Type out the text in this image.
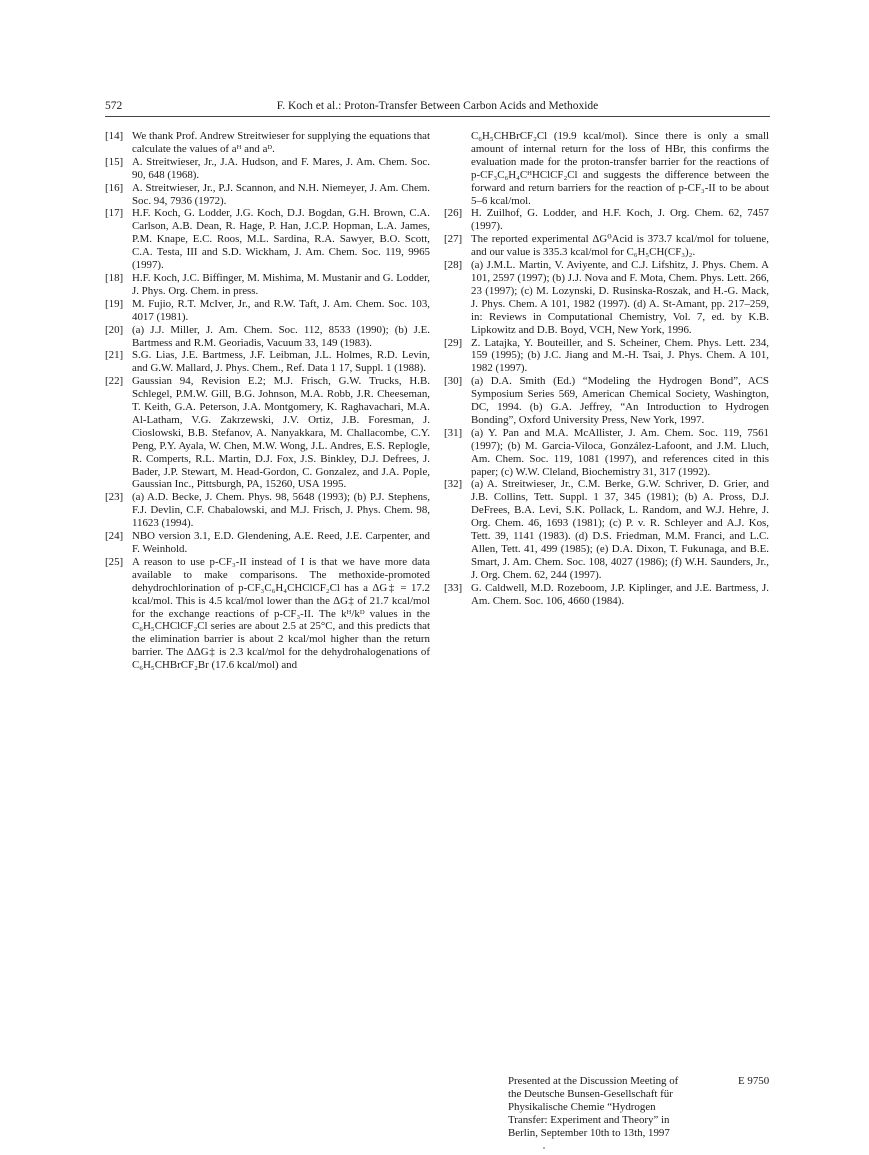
572	F. Koch et al.: Proton-Transfer Between Carbon Acids and Methoxide

[14] We thank Prof. Andrew Streitwieser for supplying the equations that calculate the values of aᴴ and aᴰ.

[15] A. Streitwieser, Jr., J.A. Hudson, and F. Mares, J. Am. Chem. Soc. 90, 648 (1968).

[16] A. Streitwieser, Jr., P.J. Scannon, and N.H. Niemeyer, J. Am. Chem. Soc. 94, 7936 (1972).

[17] H.F. Koch, G. Lodder, J.G. Koch, D.J. Bogdan, G.H. Brown, C.A. Carlson, A.B. Dean, R. Hage, P. Han, J.C.P. Hopman, L.A. James, P.M. Knape, E.C. Roos, M.L. Sardina, R.A. Sawyer, B.O. Scott, C.A. Testa, III and S.D. Wickham, J. Am. Chem. Soc. 119, 9965 (1997).

[18] H.F. Koch, J.C. Biffinger, M. Mishima, M. Mustanir and G. Lodder, J. Phys. Org. Chem. in press.

[19] M. Fujio, R.T. McIver, Jr., and R.W. Taft, J. Am. Chem. Soc. 103, 4017 (1981).

[20] (a) J.J. Miller, J. Am. Chem. Soc. 112, 8533 (1990); (b) J.E. Bartmess and R.M. Georiadis, Vacuum 33, 149 (1983).

[21] S.G. Lias, J.E. Bartmess, J.F. Leibman, J.L. Holmes, R.D. Levin, and G.W. Mallard, J. Phys. Chem., Ref. Data 1 17, Suppl. 1 (1988).

[22] Gaussian 94, Revision E.2; M.J. Frisch, G.W. Trucks, H.B. Schlegel, P.M.W. Gill, B.G. Johnson, M.A. Robb, J.R. Cheeseman, T. Keith, G.A. Peterson, J.A. Montgomery, K. Raghavachari, M.A. Al-Latham, V.G. Zakrzewski, J.V. Ortiz, J.B. Foresman, J. Cioslowski, B.B. Stefanov, A. Nanyakkara, M. Challacombe, C.Y. Peng, P.Y. Ayala, W. Chen, M.W. Wong, J.L. Andres, E.S. Replogle, R. Comperts, R.L. Martin, D.J. Fox, J.S. Binkley, D.J. Defrees, J. Bader, J.P. Stewart, M. Head-Gordon, C. Gonzalez, and J.A. Pople, Gaussian Inc., Pittsburgh, PA, 15260, USA 1995.

[23] (a) A.D. Becke, J. Chem. Phys. 98, 5648 (1993); (b) P.J. Stephens, F.J. Devlin, C.F. Chabalowski, and M.J. Frisch, J. Phys. Chem. 98, 11623 (1994).

[24] NBO version 3.1, E.D. Glendening, A.E. Reed, J.E. Carpenter, and F. Weinhold.

[25] A reason to use p-CF₃-II instead of I is that we have more data available to make comparisons. The methoxide-promoted dehydrochlorination of p-CF₃C₆H₄CHClCF₂Cl has a ΔG‡ = 17.2 kcal/mol. This is 4.5 kcal/mol lower than the ΔG‡ of 21.7 kcal/mol for the exchange reactions of p-CF₃-II. The kᴴ/kᴰ values in the C₆H₅CHClCF₂Cl series are about 2.5 at 25°C, and this predicts that the elimination barrier is about 2 kcal/mol higher than the return barrier. The ΔΔG‡ is 2.3 kcal/mol for the dehydrohalogenations of C₆H₅CHBrCF₂Br (17.6 kcal/mol) and

C₆H₅CHBrCF₂Cl (19.9 kcal/mol). Since there is only a small amount of internal return for the loss of HBr, this confirms the evaluation made for the proton-transfer barrier for the reactions of p-CF₃C₆H₄CᴴHClCF₂Cl and suggests the difference between the forward and return barriers for the reaction of p-CF₃-II to be about 5–6 kcal/mol.

[26] H. Zuilhof, G. Lodder, and H.F. Koch, J. Org. Chem. 62, 7457 (1997).

[27] The reported experimental ΔG⁰Acid is 373.7 kcal/mol for toluene, and our value is 335.3 kcal/mol for C₆H₅CH(CF₃)₂.

[28] (a) J.M.L. Martin, V. Aviyente, and C.J. Lifshitz, J. Phys. Chem. A 101, 2597 (1997); (b) J.J. Nova and F. Mota, Chem. Phys. Lett. 266, 23 (1997); (c) M. Lozynski, D. Rusinska-Roszak, and H.-G. Mack, J. Phys. Chem. A 101, 1982 (1997). (d) A. St-Amant, pp. 217–259, in: Reviews in Computational Chemistry, Vol. 7, ed. by K.B. Lipkowitz and D.B. Boyd, VCH, New York, 1996.

[29] Z. Latajka, Y. Bouteiller, and S. Scheiner, Chem. Phys. Lett. 234, 159 (1995); (b) J.C. Jiang and M.-H. Tsai, J. Phys. Chem. A 101, 1982 (1997).

[30] (a) D.A. Smith (Ed.) “Modeling the Hydrogen Bond”, ACS Symposium Series 569, American Chemical Society, Washington, DC, 1994. (b) G.A. Jeffrey, “An Introduction to Hydrogen Bonding”, Oxford University Press, New York, 1997.

[31] (a) Y. Pan and M.A. McAllister, J. Am. Chem. Soc. 119, 7561 (1997); (b) M. Garcia-Viloca, González-Lafoont, and J.M. Lluch, Am. Chem. Soc. 119, 1081 (1997), and references cited in this paper; (c) W.W. Cleland, Biochemistry 31, 317 (1992).

[32] (a) A. Streitwieser, Jr., C.M. Berke, G.W. Schriver, D. Grier, and J.B. Collins, Tett. Suppl. 1 37, 345 (1981); (b) A. Pross, D.J. DeFrees, B.A. Levi, S.K. Pollack, L. Random, and W.J. Hehre, J. Org. Chem. 46, 1693 (1981); (c) P. v. R. Schleyer and A.J. Kos, Tett. 39, 1141 (1983). (d) D.S. Friedman, M.M. Franci, and L.C. Allen, Tett. 41, 499 (1985); (e) D.A. Dixon, T. Fukunaga, and B.E. Smart, J. Am. Chem. Soc. 108, 4027 (1986); (f) W.H. Saunders, Jr., J. Org. Chem. 62, 244 (1997).

[33] G. Caldwell, M.D. Rozeboom, J.P. Kiplinger, and J.E. Bartmess, J. Am. Chem. Soc. 106, 4660 (1984).

Presented at the Discussion Meeting of the Deutsche Bunsen-Gesellschaft für Physikalische Chemie “Hydrogen Transfer: Experiment and Theory” in Berlin, September 10th to 13th, 1997
E 9750
